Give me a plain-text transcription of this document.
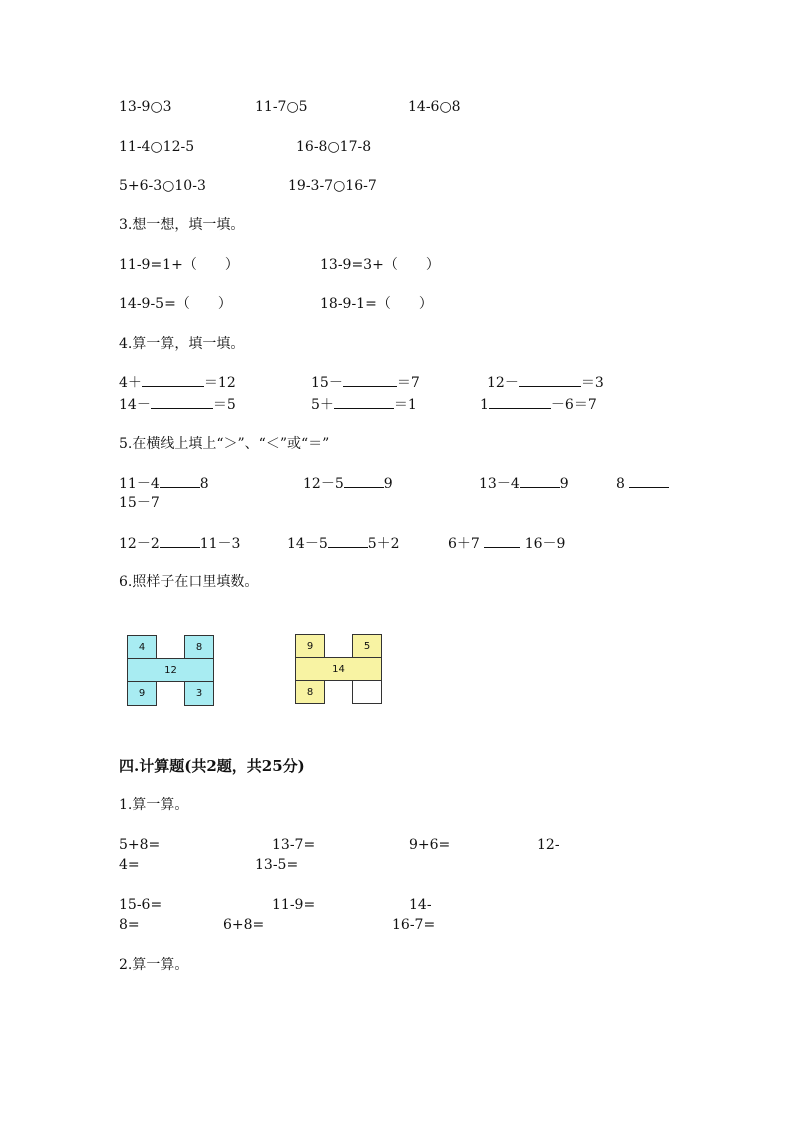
13-9○3	11-7○5	14-6○8
11-4○12-5	16-8○17-8
5+6-3○10-3	19-3-7○16-7
3.想一想，填一填。
11-9=1+（　　）	13-9=3+（　　）
14-9-5=（　　）	18-9-1=（　　）
4.算一算，填一填。
4＋	＝12	15－	＝7	12－	＝3
14－	＝5	5＋	＝1	1	－6＝7
5.在横线上填上“＞”、“＜”或“＝”
11－4	8	12－5	9	13－4	9	8
15－7
12－2	11－3	14－5	5＋2	6＋7	16－9
6.照样子在口里填数。
4	8
12
9	3
9	5
14
8
四.计算题(共2题，共25分)
1.算一算。
5+8=	13-7=	9+6=	12-
4=	13-5=
15-6=	11-9=	14-
8=	6+8=	16-7=
2.算一算。
